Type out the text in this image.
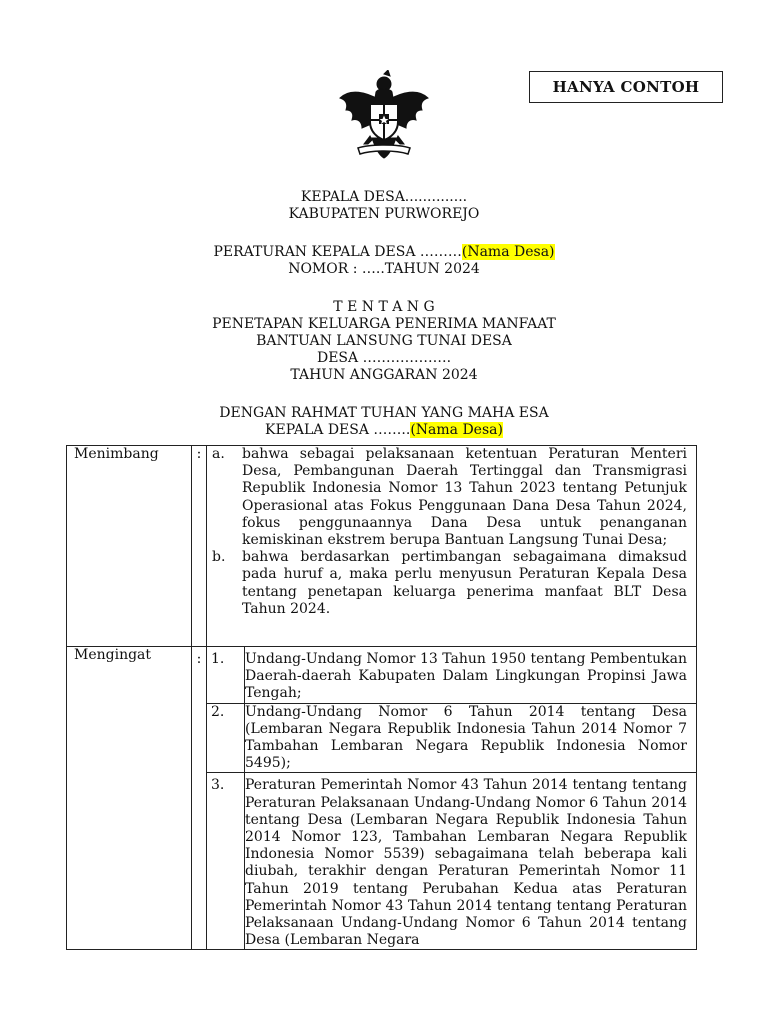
HANYA CONTOH
KEPALA DESA..............
KABUPATEN PURWOREJO
PERATURAN KEPALA DESA ………(Nama Desa)
NOMOR : …..TAHUN 2024
T E N T A N G
PENETAPAN KELUARGA PENERIMA MANFAAT
BANTUAN LANSUNG TUNAI DESA
DESA ……………….
TAHUN ANGGARAN 2024
DENGAN RAHMAT TUHAN YANG MAHA ESA
KEPALA DESA ……..(Nama Desa)
Menimbang	:	a. bahwa sebagai pelaksanaan ketentuan Peraturan Menteri Desa, Pembangunan Daerah Tertinggal dan Transmigrasi Republik Indonesia Nomor 13 Tahun 2023 tentang Petunjuk Operasional atas Fokus Penggunaan Dana Desa Tahun 2024, fokus penggunaannya Dana Desa untuk penanganan kemiskinan ekstrem berupa Bantuan Langsung Tunai Desa;
b. bahwa berdasarkan pertimbangan sebagaimana dimaksud pada huruf a, maka perlu menyusun Peraturan Kepala Desa tentang penetapan keluarga penerima manfaat BLT Desa Tahun 2024.	

Mengingat	:	1.	Undang-Undang Nomor 13 Tahun 1950 tentang Pembentukan Daerah-daerah Kabupaten Dalam Lingkungan Propinsi Jawa Tengah;
		2.	Undang-Undang Nomor 6 Tahun 2014 tentang Desa (Lembaran Negara Republik Indonesia Tahun 2014 Nomor 7 Tambahan Lembaran Negara Republik Indonesia Nomor 5495);
		3.	Peraturan Pemerintah Nomor 43 Tahun 2014 tentang tentang Peraturan Pelaksanaan Undang-Undang Nomor 6 Tahun 2014 tentang Desa (Lembaran Negara Republik Indonesia Tahun 2014 Nomor 123, Tambahan Lembaran Negara Republik Indonesia Nomor 5539) sebagaimana telah beberapa kali diubah, terakhir dengan Peraturan Pemerintah Nomor 11 Tahun 2019 tentang Perubahan Kedua atas Peraturan Pemerintah Nomor 43 Tahun 2014 tentang tentang Peraturan Pelaksanaan Undang-Undang Nomor 6 Tahun 2014 tentang Desa (Lembaran Negara
